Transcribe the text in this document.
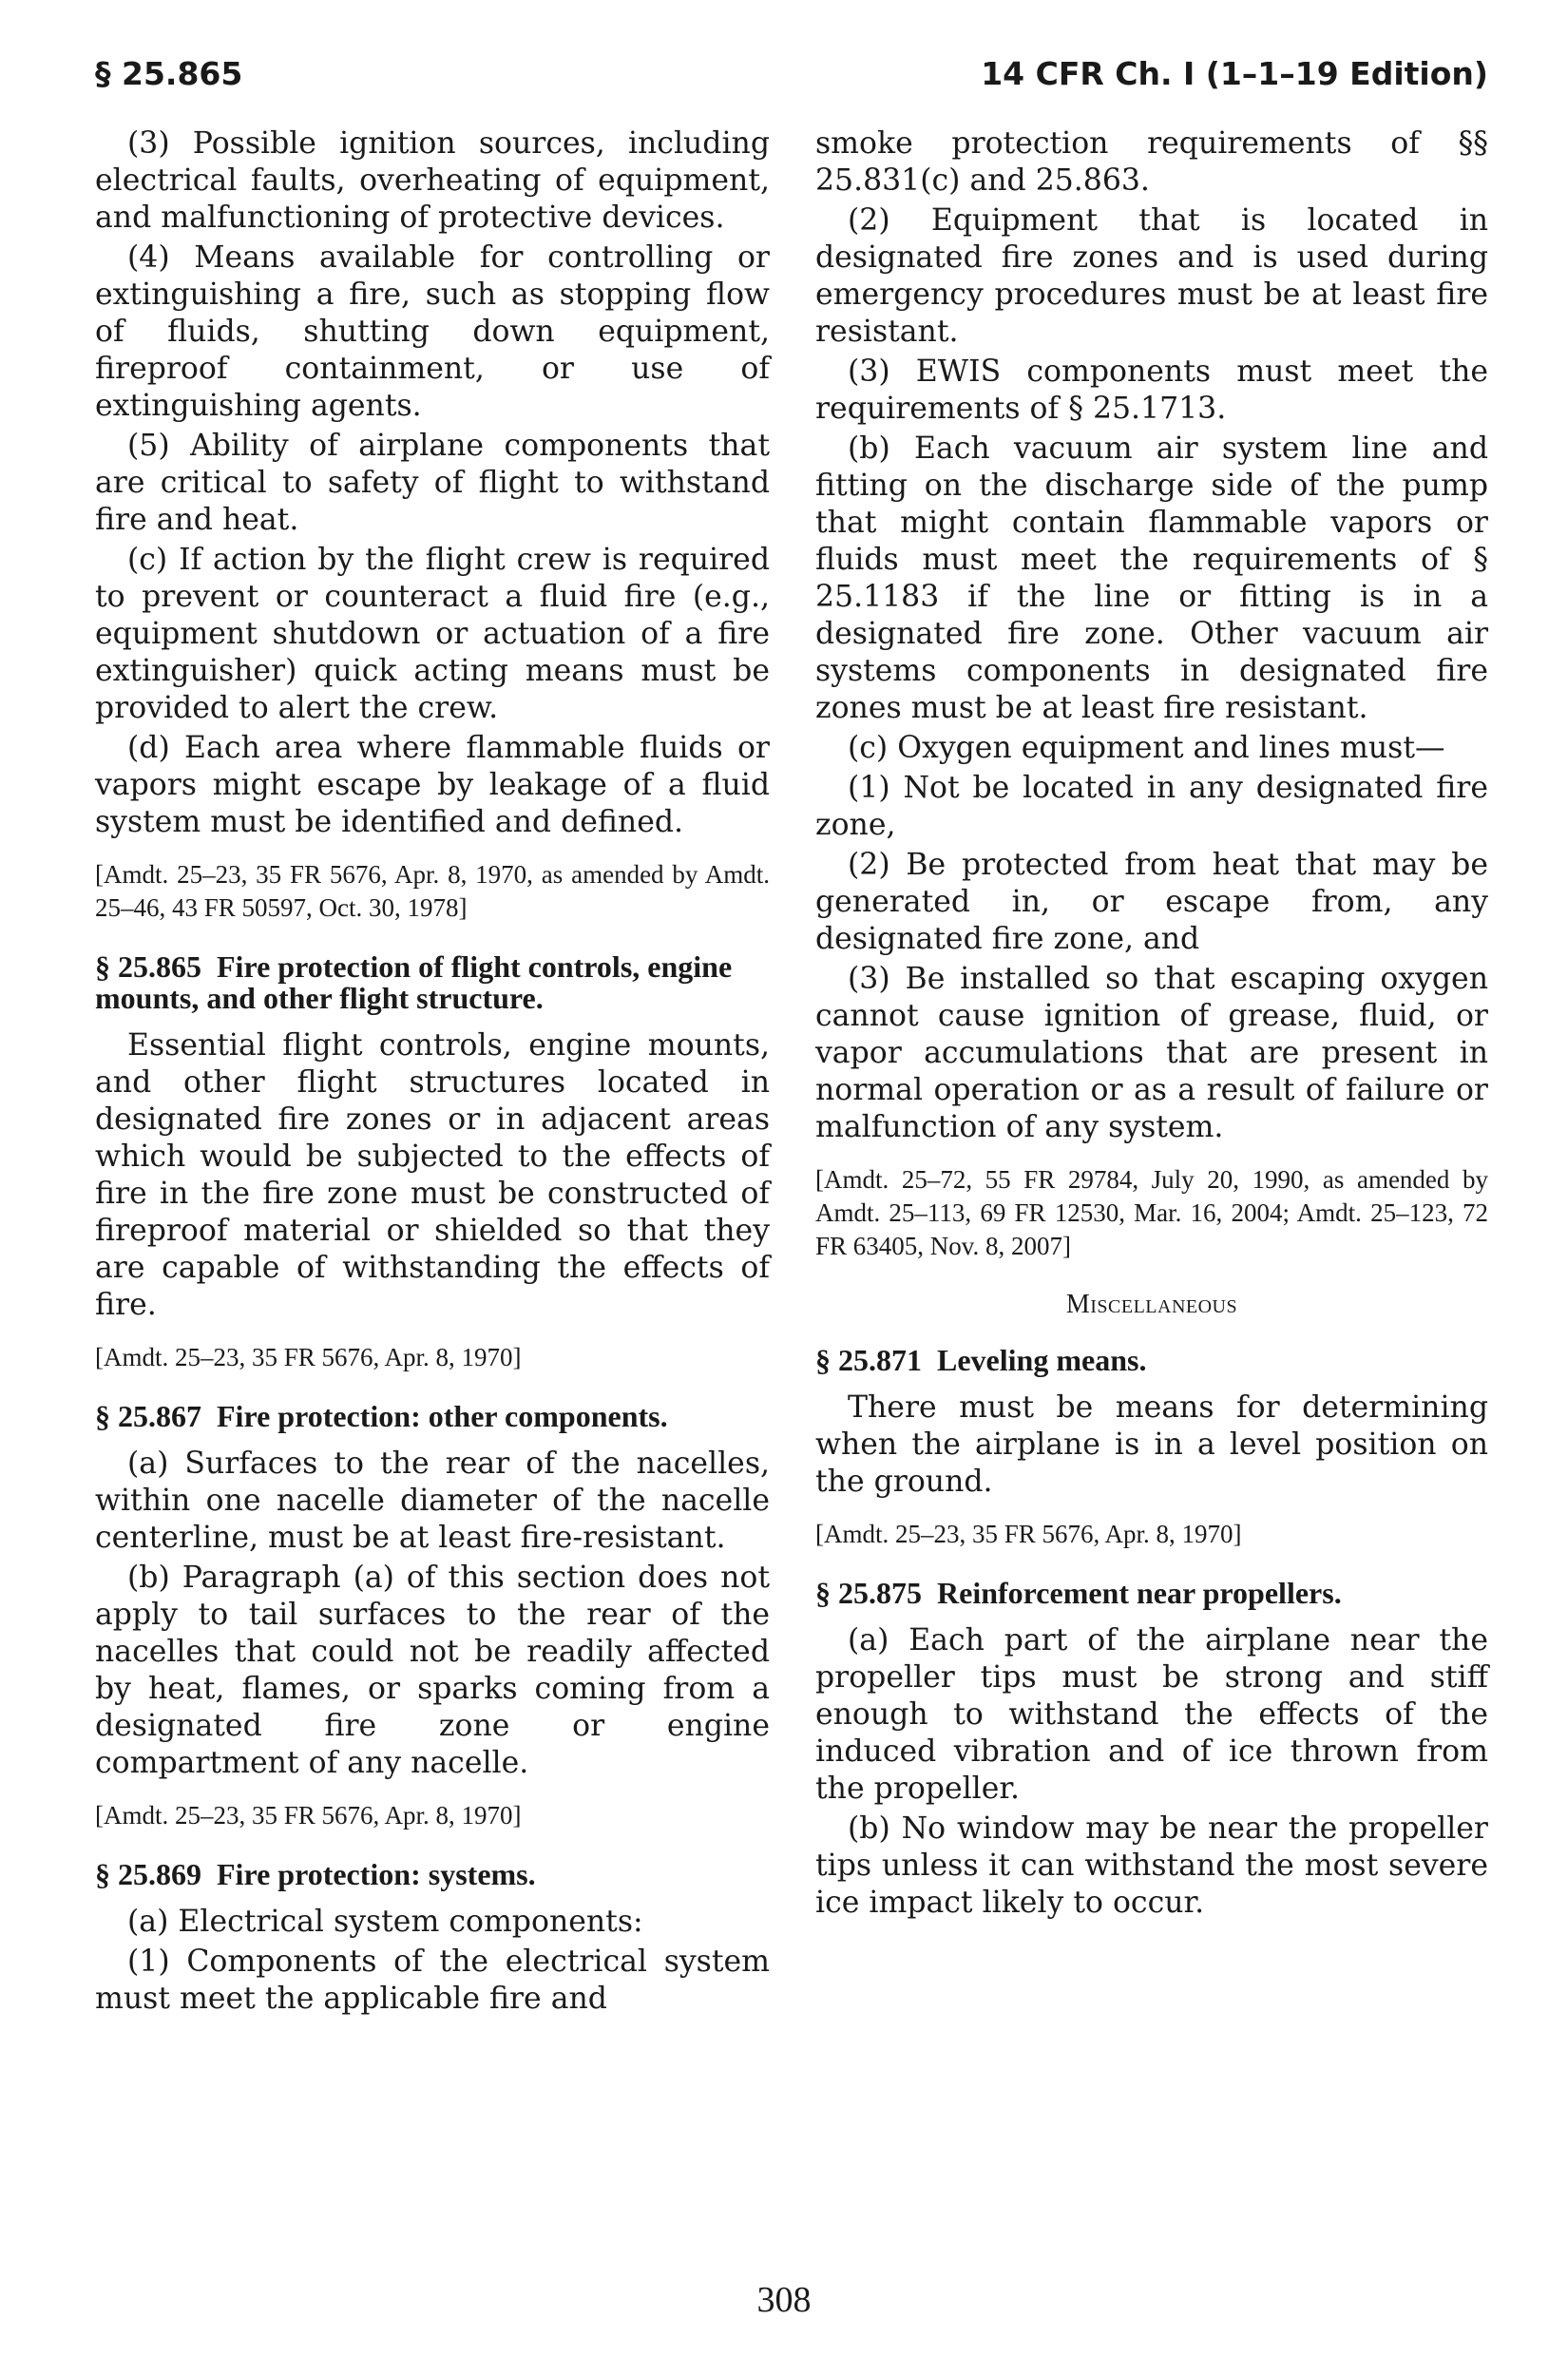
§ 25.865	14 CFR Ch. I (1–1–19 Edition)

(3) Possible ignition sources, including electrical faults, overheating of equipment, and malfunctioning of protective devices.

(4) Means available for controlling or extinguishing a fire, such as stopping flow of fluids, shutting down equipment, fireproof containment, or use of extinguishing agents.

(5) Ability of airplane components that are critical to safety of flight to withstand fire and heat.

(c) If action by the flight crew is required to prevent or counteract a fluid fire (e.g., equipment shutdown or actuation of a fire extinguisher) quick acting means must be provided to alert the crew.

(d) Each area where flammable fluids or vapors might escape by leakage of a fluid system must be identified and defined.

[Amdt. 25–23, 35 FR 5676, Apr. 8, 1970, as amended by Amdt. 25–46, 43 FR 50597, Oct. 30, 1978]

§ 25.865 Fire protection of flight controls, engine mounts, and other flight structure.

Essential flight controls, engine mounts, and other flight structures located in designated fire zones or in adjacent areas which would be subjected to the effects of fire in the fire zone must be constructed of fireproof material or shielded so that they are capable of withstanding the effects of fire.

[Amdt. 25–23, 35 FR 5676, Apr. 8, 1970]

§ 25.867 Fire protection: other components.

(a) Surfaces to the rear of the nacelles, within one nacelle diameter of the nacelle centerline, must be at least fire-resistant.

(b) Paragraph (a) of this section does not apply to tail surfaces to the rear of the nacelles that could not be readily affected by heat, flames, or sparks coming from a designated fire zone or engine compartment of any nacelle.

[Amdt. 25–23, 35 FR 5676, Apr. 8, 1970]

§ 25.869 Fire protection: systems.

(a) Electrical system components:

(1) Components of the electrical system must meet the applicable fire and

smoke protection requirements of §§ 25.831(c) and 25.863.

(2) Equipment that is located in designated fire zones and is used during emergency procedures must be at least fire resistant.

(3) EWIS components must meet the requirements of § 25.1713.

(b) Each vacuum air system line and fitting on the discharge side of the pump that might contain flammable vapors or fluids must meet the requirements of § 25.1183 if the line or fitting is in a designated fire zone. Other vacuum air systems components in designated fire zones must be at least fire resistant.

(c) Oxygen equipment and lines must—

(1) Not be located in any designated fire zone,

(2) Be protected from heat that may be generated in, or escape from, any designated fire zone, and

(3) Be installed so that escaping oxygen cannot cause ignition of grease, fluid, or vapor accumulations that are present in normal operation or as a result of failure or malfunction of any system.

[Amdt. 25–72, 55 FR 29784, July 20, 1990, as amended by Amdt. 25–113, 69 FR 12530, Mar. 16, 2004; Amdt. 25–123, 72 FR 63405, Nov. 8, 2007]

Miscellaneous
§ 25.871 Leveling means.

There must be means for determining when the airplane is in a level position on the ground.

[Amdt. 25–23, 35 FR 5676, Apr. 8, 1970]

§ 25.875 Reinforcement near propellers.

(a) Each part of the airplane near the propeller tips must be strong and stiff enough to withstand the effects of the induced vibration and of ice thrown from the propeller.

(b) No window may be near the propeller tips unless it can withstand the most severe ice impact likely to occur.

308
